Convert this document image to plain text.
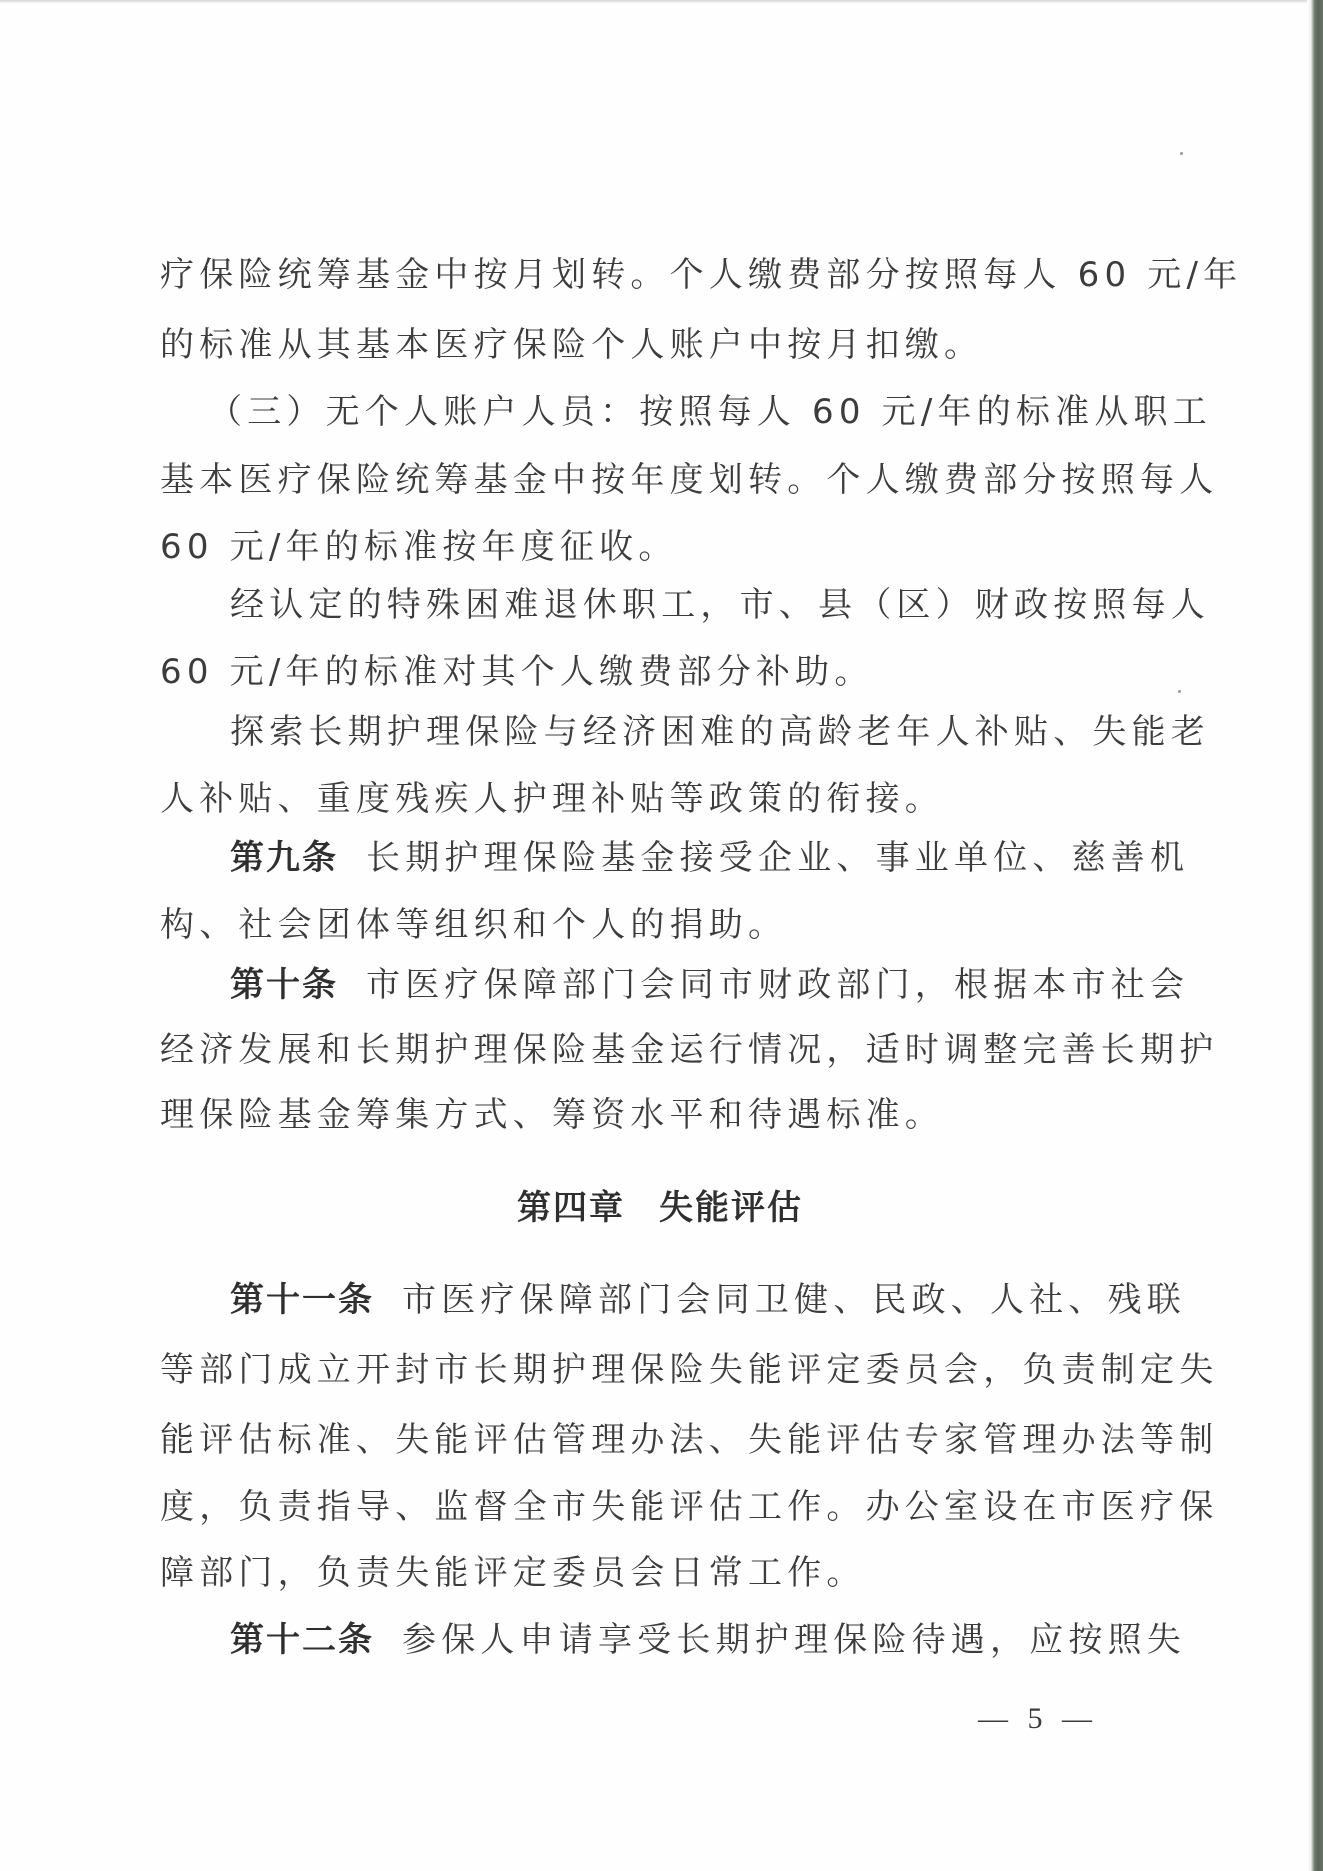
疗保险统筹基金中按月划转。个人缴费部分按照每人 60 元/年
的标准从其基本医疗保险个人账户中按月扣缴。
（三）无个人账户人员：按照每人 60 元/年的标准从职工
基本医疗保险统筹基金中按年度划转。个人缴费部分按照每人
60 元/年的标准按年度征收。
经认定的特殊困难退休职工，市、县（区）财政按照每人
60 元/年的标准对其个人缴费部分补助。
探索长期护理保险与经济困难的高龄老年人补贴、失能老
人补贴、重度残疾人护理补贴等政策的衔接。
第九条 长期护理保险基金接受企业、事业单位、慈善机
构、社会团体等组织和个人的捐助。
第十条 市医疗保障部门会同市财政部门，根据本市社会
经济发展和长期护理保险基金运行情况，适时调整完善长期护
理保险基金筹集方式、筹资水平和待遇标准。
第四章 失能评估
第十一条 市医疗保障部门会同卫健、民政、人社、残联
等部门成立开封市长期护理保险失能评定委员会，负责制定失
能评估标准、失能评估管理办法、失能评估专家管理办法等制
度，负责指导、监督全市失能评估工作。办公室设在市医疗保
障部门，负责失能评定委员会日常工作。
第十二条 参保人申请享受长期护理保险待遇，应按照失
— 5 —
